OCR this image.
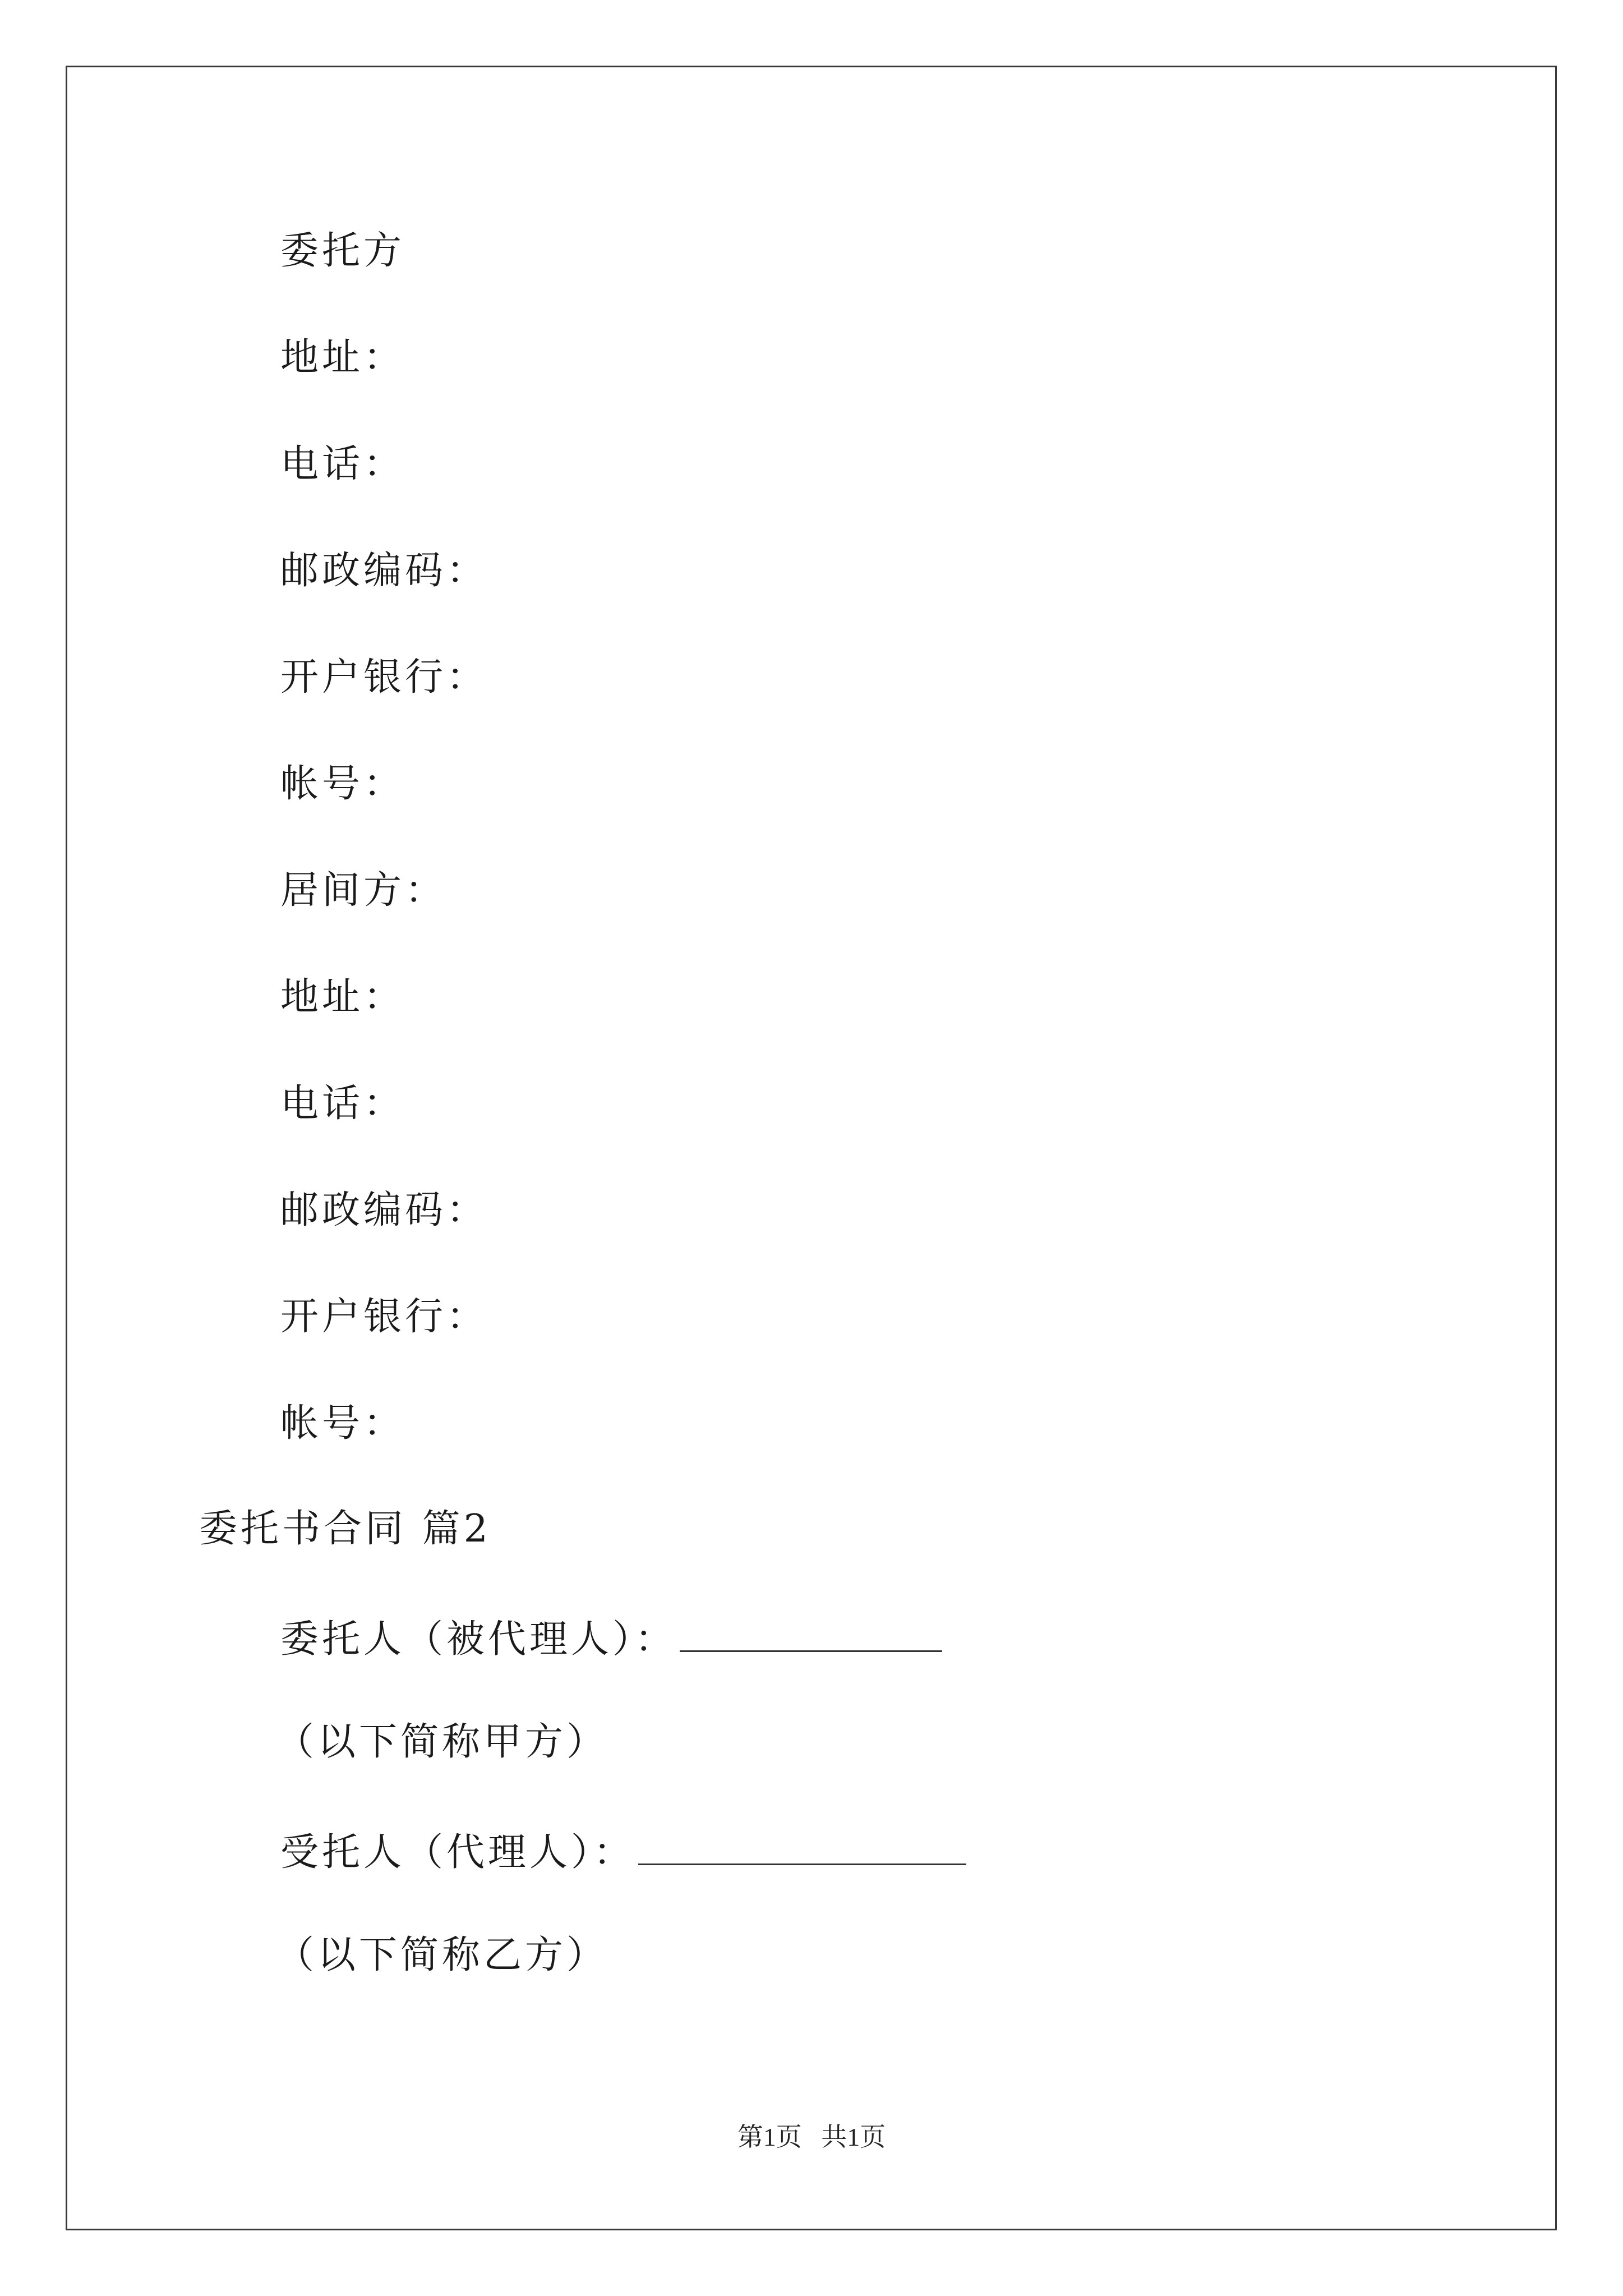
委托方
地址：
电话：
邮政编码：
开户银行：
帐号：
居间方：
地址：
电话：
邮政编码：
开户银行：
帐号：
委托书合同 篇2
委托人（被代理人）：
（以下简称甲方）
受托人（代理人）：
（以下简称乙方）
第1页   共1页
